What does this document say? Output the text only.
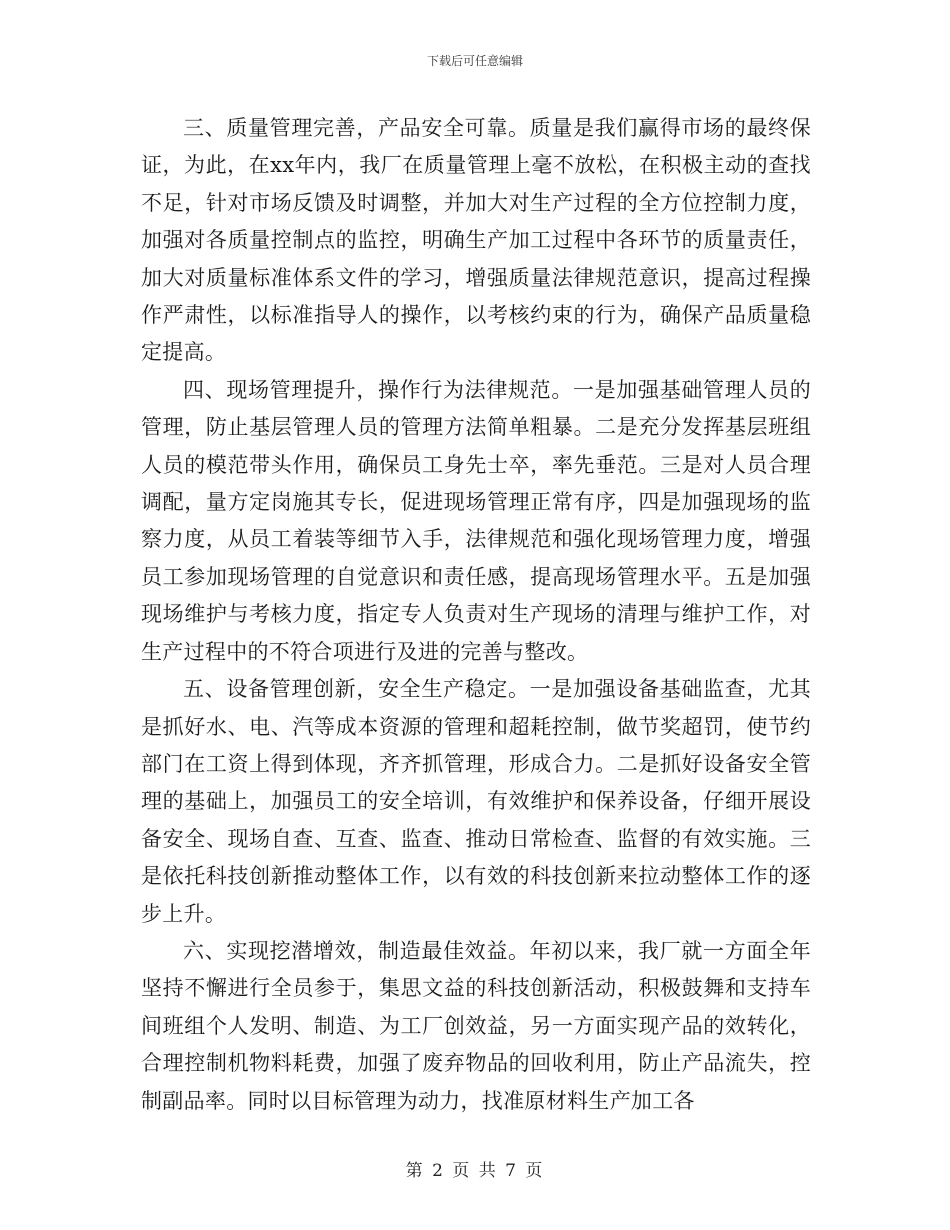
下载后可任意编辑

三、质量管理完善，产品安全可靠。质量是我们赢得市场的最终保证，为此，在xx年内，我厂在质量管理上毫不放松，在积极主动的查找不足，针对市场反馈及时调整，并加大对生产过程的全方位控制力度，加强对各质量控制点的监控，明确生产加工过程中各环节的质量责任，加大对质量标准体系文件的学习，增强质量法律规范意识，提高过程操作严肃性，以标准指导人的操作，以考核约束的行为，确保产品质量稳定提高。

四、现场管理提升，操作行为法律规范。一是加强基础管理人员的管理，防止基层管理人员的管理方法简单粗暴。二是充分发挥基层班组人员的模范带头作用，确保员工身先士卒，率先垂范。三是对人员合理调配，量方定岗施其专长，促进现场管理正常有序，四是加强现场的监察力度，从员工着装等细节入手，法律规范和强化现场管理力度，增强员工参加现场管理的自觉意识和责任感，提高现场管理水平。五是加强现场维护与考核力度，指定专人负责对生产现场的清理与维护工作，对生产过程中的不符合项进行及进的完善与整改。

五、设备管理创新，安全生产稳定。一是加强设备基础监查，尤其是抓好水、电、汽等成本资源的管理和超耗控制，做节奖超罚，使节约部门在工资上得到体现，齐齐抓管理，形成合力。二是抓好设备安全管理的基础上，加强员工的安全培训，有效维护和保养设备，仔细开展设备安全、现场自查、互查、监查、推动日常检查、监督的有效实施。三是依托科技创新推动整体工作，以有效的科技创新来拉动整体工作的逐步上升。

六、实现挖潜增效，制造最佳效益。年初以来，我厂就一方面全年坚持不懈进行全员参于，集思文益的科技创新活动，积极鼓舞和支持车间班组个人发明、制造、为工厂创效益，另一方面实现产品的效转化，合理控制机物料耗费，加强了废弃物品的回收利用，防止产品流失，控制副品率。同时以目标管理为动力，找准原材料生产加工各

第 2 页 共 7 页
